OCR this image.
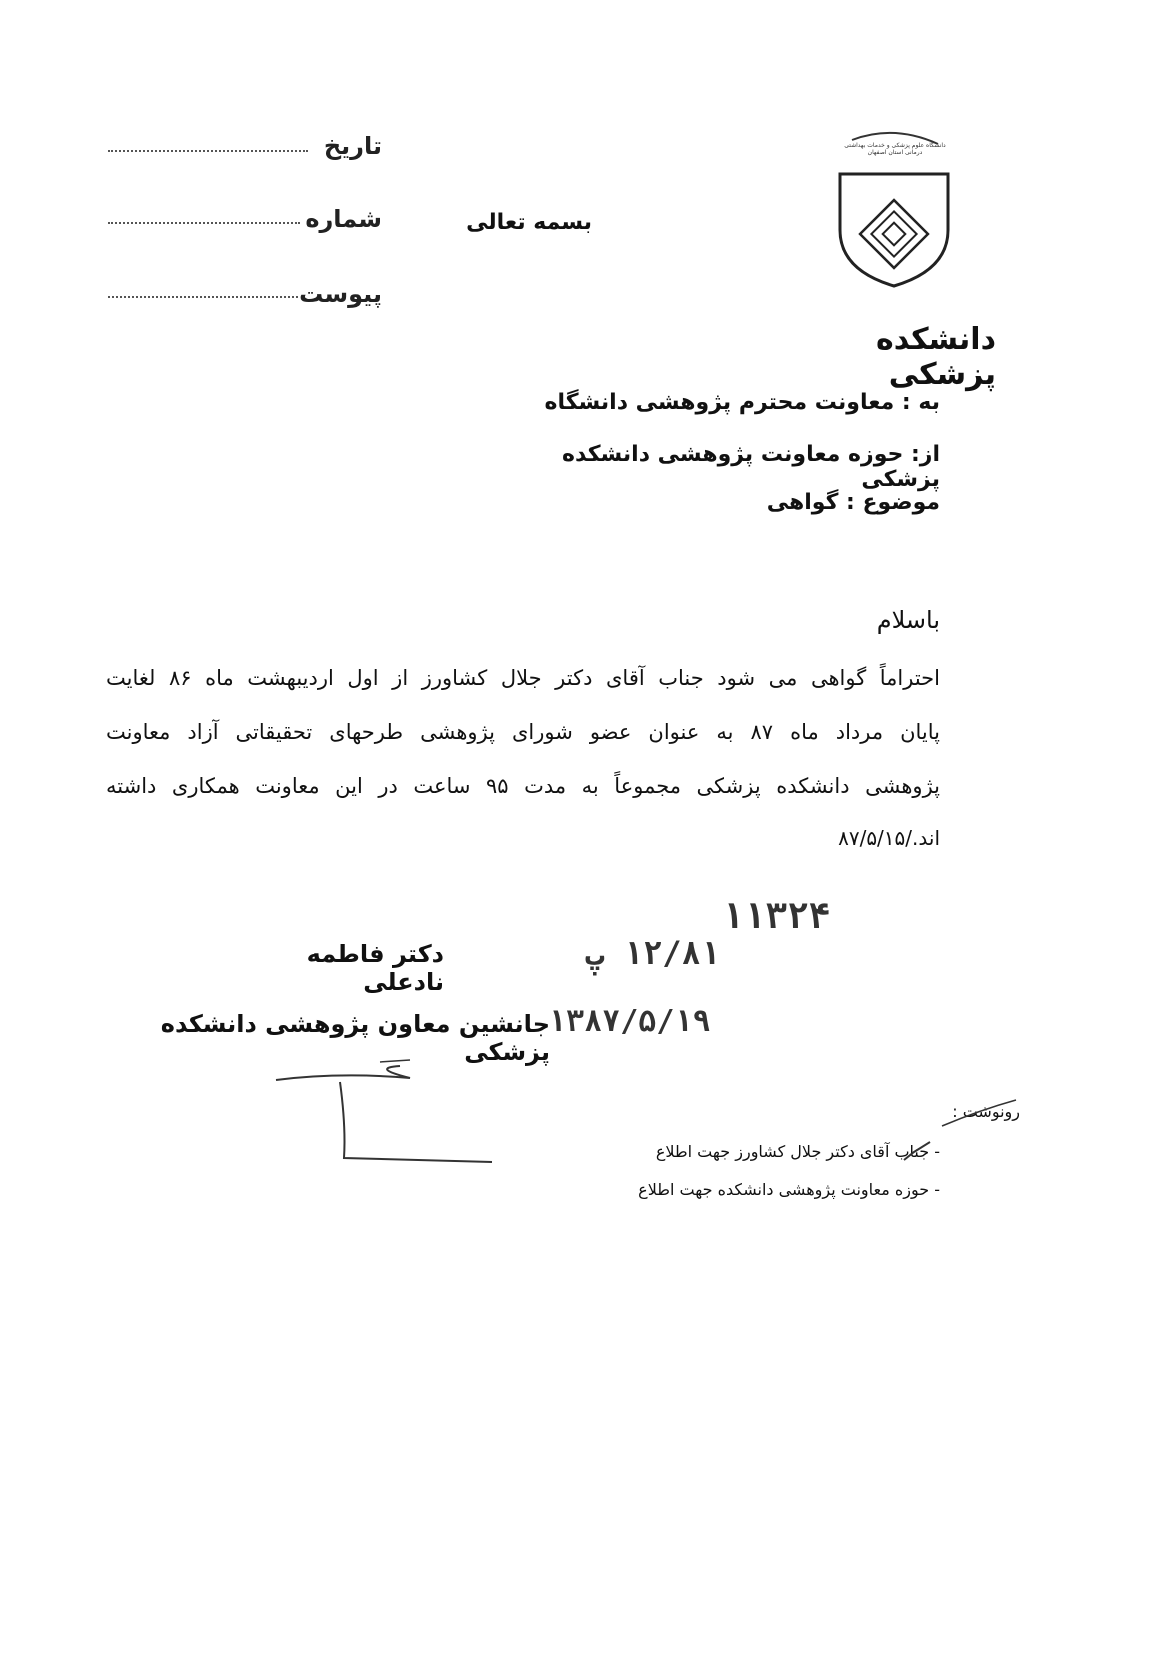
تاریخ
شماره
پیوست
بسمه تعالی
دانشگاه علوم پزشکی و خدمات بهداشتی درمانی استان اصفهان
دانشکده پزشکی
به : معاونت محترم پژوهشی دانشگاه
از: حوزه معاونت پژوهشی دانشکده پزشکی
موضوع : گواهی
باسلام
احتراماً گواهی می شود جناب آقای دکتر جلال کشاورز از اول اردیبهشت ماه ۸۶ لغایت
پایان مرداد ماه ۸۷ به عنوان عضو شورای پژوهشی طرحهای تحقیقاتی آزاد معاونت
پژوهشی دانشکده پزشکی مجموعاً به مدت ۹۵ ساعت در این معاونت همکاری داشته
اند./۸۷/۵/۱۵
۱۱۳۲۴
۱۲/۸۱ پ
۱۳۸۷/۵/۱۹
دکتر فاطمه نادعلی
جانشین معاون پژوهشی دانشکده پزشکی
رونوشت :
- جناب آقای دکتر جلال کشاورز جهت اطلاع
- حوزه معاونت پژوهشی دانشکده جهت اطلاع
